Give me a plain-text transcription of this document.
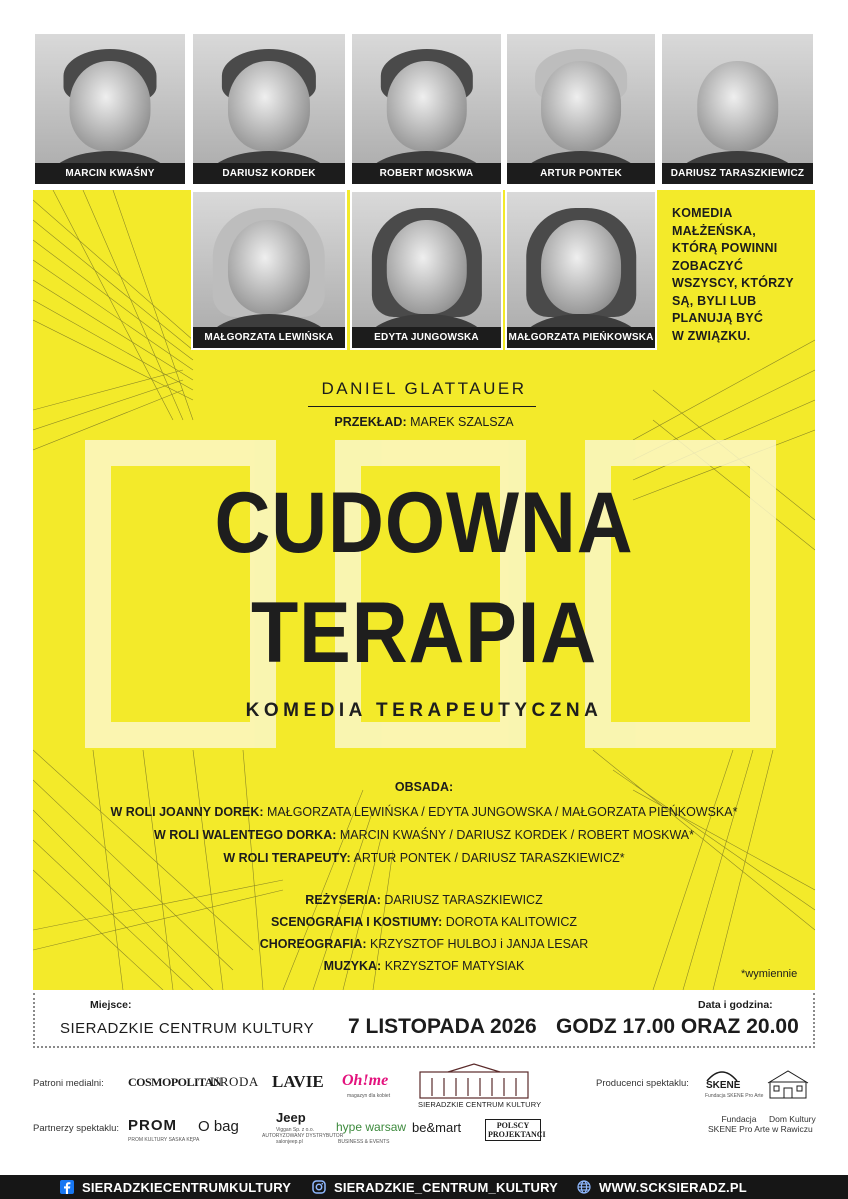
MARCIN KWAŚNY	DARIUSZ KORDEK	ROBERT MOSKWA	ARTUR PONTEK	DARIUSZ TARASZKIEWICZ
MAŁGORZATA LEWIŃSKA	EDYTA JUNGOWSKA	MAŁGORZATA PIEŃKOWSKA
KOMEDIA
MAŁŻEŃSKA,
KTÓRĄ POWINNI
ZOBACZYĆ
WSZYSCY, KTÓRZY
SĄ, BYLI LUB
PLANUJĄ BYĆ
W ZWIĄZKU.
DANIEL GLATTAUER
PRZEKŁAD: MAREK SZALSZA
CUDOWNA
TERAPIA
KOMEDIA TERAPEUTYCZNA
OBSADA:
W ROLI JOANNY DOREK: MAŁGORZATA LEWIŃSKA / EDYTA JUNGOWSKA / MAŁGORZATA PIEŃKOWSKA*
W ROLI WALENTEGO DORKA: MARCIN KWAŚNY / DARIUSZ KORDEK / ROBERT MOSKWA*
W ROLI TERAPEUTY: ARTUR PONTEK / DARIUSZ TARASZKIEWICZ*
REŻYSERIA: DARIUSZ TARASZKIEWICZ
SCENOGRAFIA I KOSTIUMY: DOROTA KALITOWICZ
CHOREOGRAFIA: KRZYSZTOF HULBOJ i JANJA LESAR
MUZYKA: KRZYSZTOF MATYSIAK
*wymiennie
Miejsce:
SIERADZKIE CENTRUM KULTURY
Data i godzina:
7 LISTOPADA 2026 GODZ 17.00 ORAZ 20.00
Patroni medialni: COSMOPOLITAN
URODA LAVIE Oh!me
magazyn dla kobiet
SIERADZKIE CENTRUM KULTURY
Producenci spektaklu: SKENE
Fundacja SKENE Pro Arte
Fundacja
SKENE Pro Arte
Dom Kultury
w Rawiczu
Partnerzy spektaklu: PROM
PROM KULTURY SASKA KĘPA
O bag
Jeep
Viggan Sp. z o.o.
AUTORYZOWANY DYSTRYBUTOR
salonjeep.pl
hype warsaw
BUSINESS & EVENTS
be&mart	POLSCY PROJEKTANCI
SIERADZKIECENTRUMKULTURY	SIERADZKIE_CENTRUM_KULTURY	WWW.SCKSIERADZ.PL
